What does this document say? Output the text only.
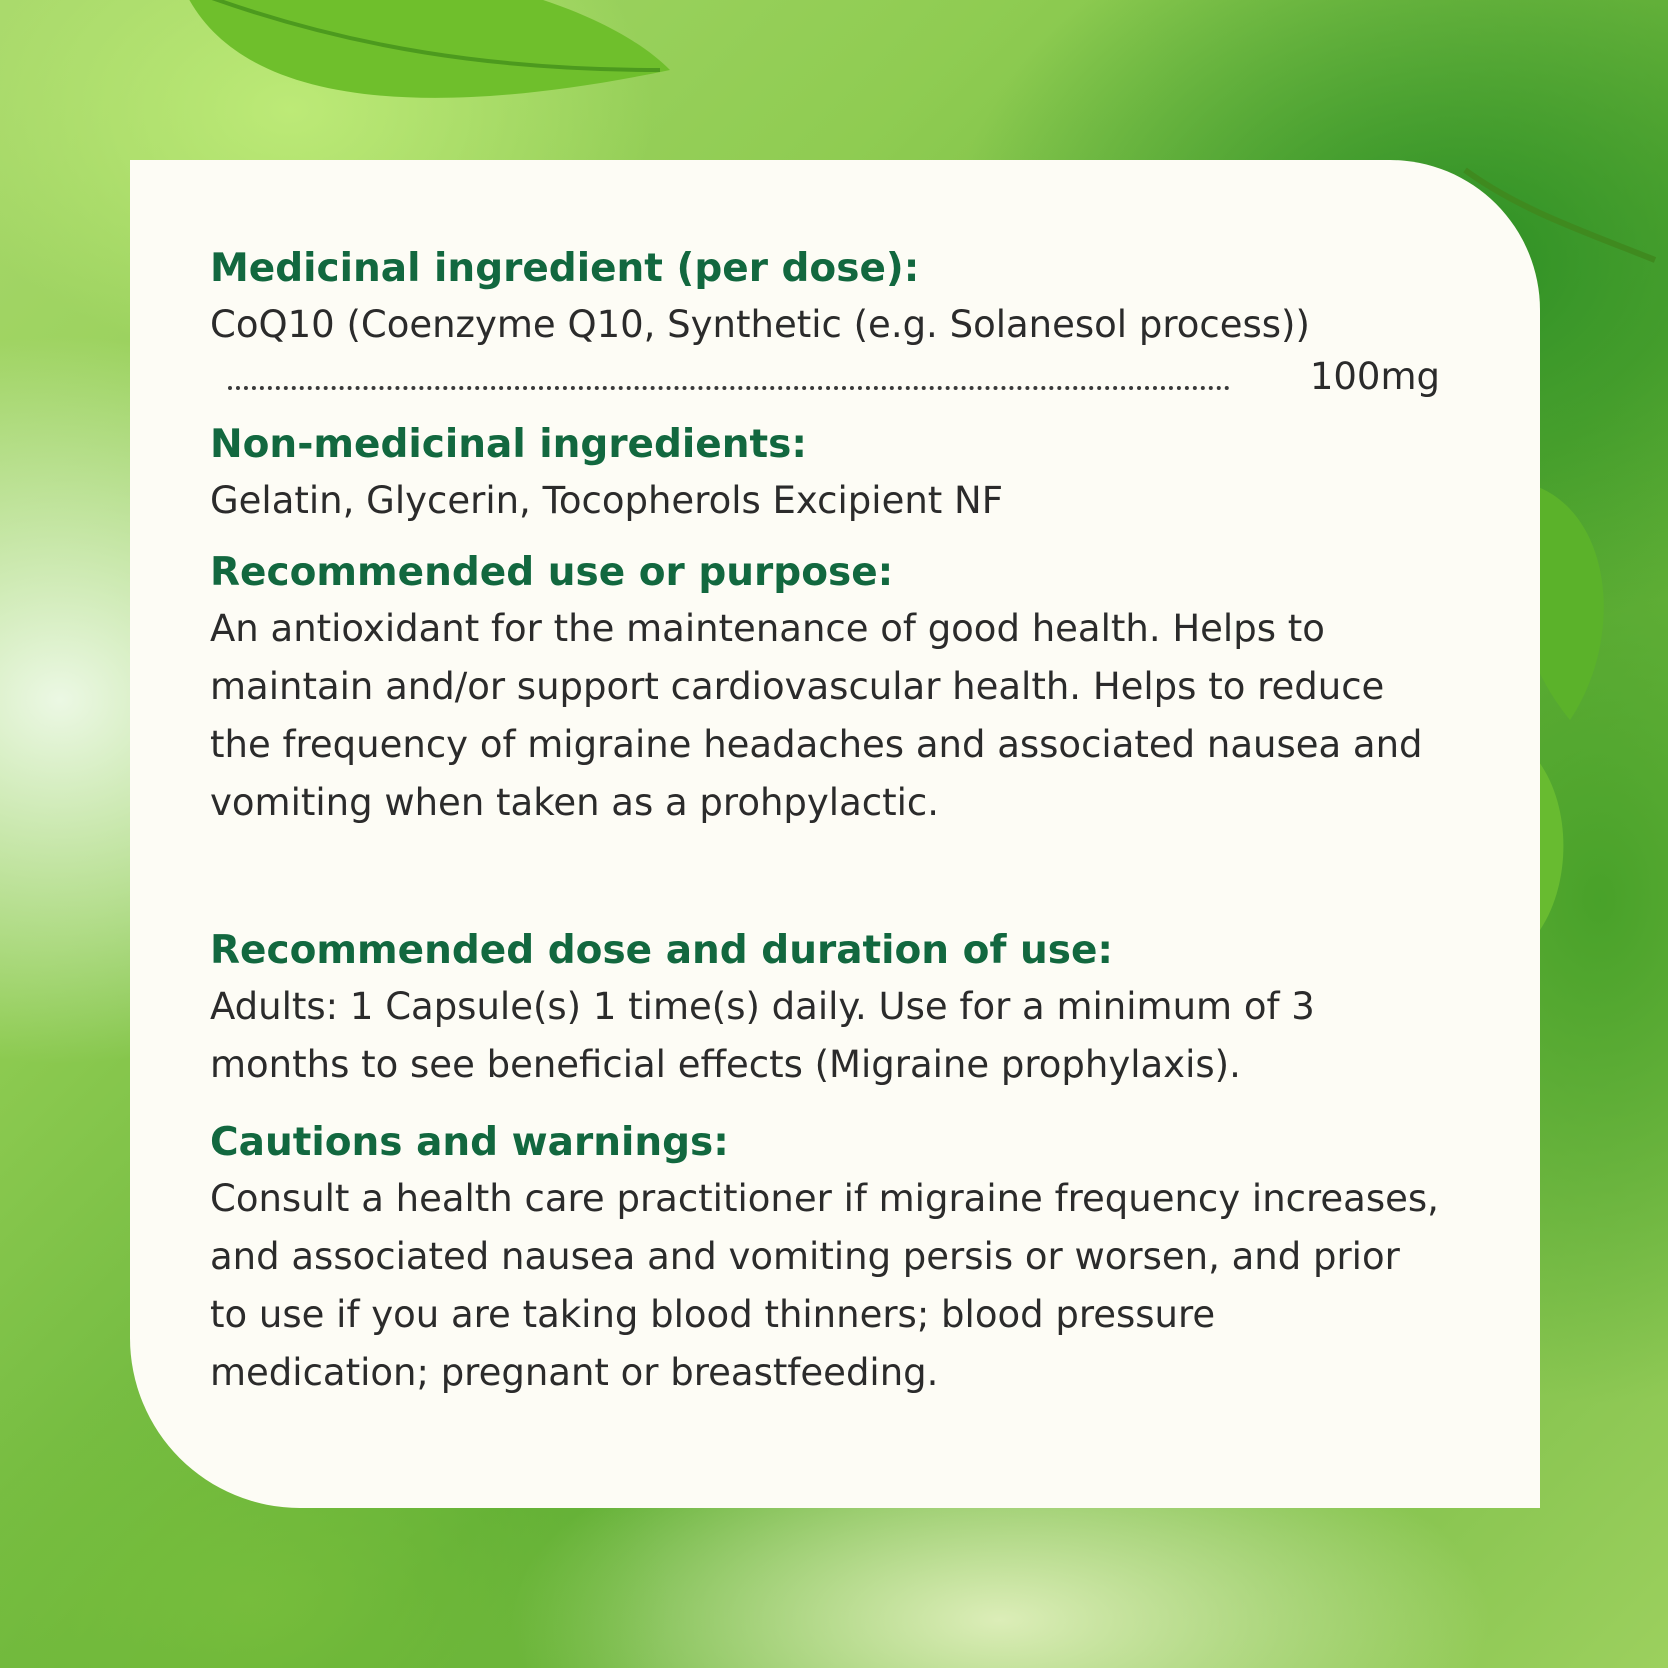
Medicinal ingredient (per dose):

CoQ10 (Coenzyme Q10, Synthetic (e.g. Solanesol process))

100mg
Non-medicinal ingredients:

Gelatin, Glycerin, Tocopherols Excipient NF

Recommended use or purpose:

An antioxidant for the maintenance of good health. Helps to maintain and/or support cardiovascular health. Helps to reduce the frequency of migraine headaches and associated nausea and vomiting when taken as a prohpylactic.

Recommended dose and duration of use:

Adults: 1 Capsule(s) 1 time(s) daily. Use for a minimum of 3 months to see beneficial effects (Migraine prophylaxis).

Cautions and warnings:

Consult a health care practitioner if migraine frequency increases, and associated nausea and vomiting persis or worsen, and prior to use if you are taking blood thinners; blood pressure medication; pregnant or breastfeeding.
